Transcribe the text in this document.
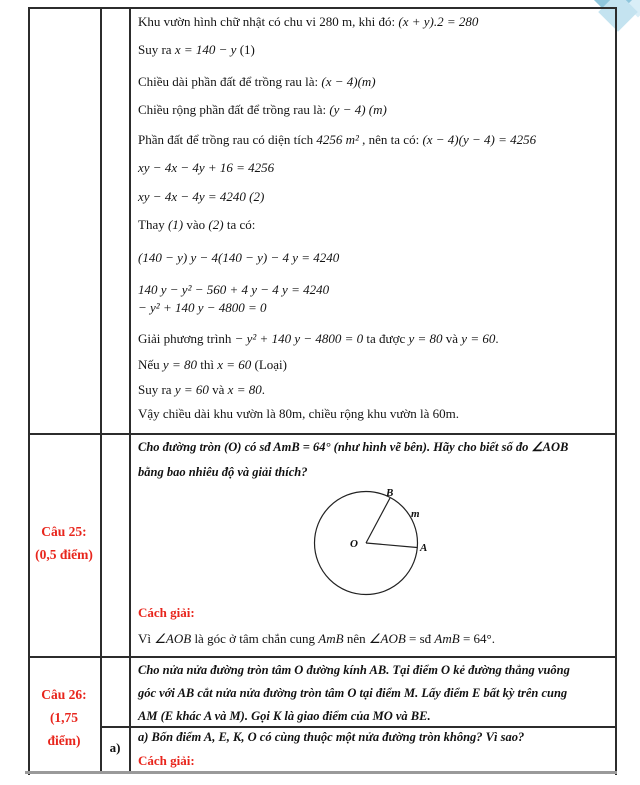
Khu vườn hình chữ nhật có chu vi 280 m, khi đó: (x + y).2 = 280
Suy ra x = 140 − y (1)
Chiều dài phần đất để trồng rau là: (x − 4)(m)
Chiều rộng phần đất để trồng rau là: (y − 4) (m)
Phần đất để trồng rau có diện tích 4256 m² , nên ta có: (x − 4)(y − 4) = 4256
xy − 4x − 4y + 16 = 4256
xy − 4x − 4y = 4240 (2)
Thay (1) vào (2) ta có:
(140 − y) y − 4(140 − y) − 4 y = 4240
140 y − y² − 560 + 4 y − 4 y = 4240
− y² + 140 y − 4800 = 0
Giải phương trình − y² + 140 y − 4800 = 0 ta được y = 80 và y = 60.
Nếu y = 80 thì x = 60 (Loại)
Suy ra y = 60 và x = 80.
Vậy chiều dài khu vườn là 80m, chiều rộng khu vườn là 60m.
Câu 25:
(0,5 điểm)
Cho đường tròn (O) có sđ AmB = 64° (như hình vẽ bên). Hãy cho biết số đo ∠AOB
bằng bao nhiêu độ và giải thích?
B
m
O	A
Cách giải:
Vì ∠AOB là góc ở tâm chắn cung AmB nên ∠AOB = sđ AmB = 64°.
Câu 26:
(1,75
điểm)
Cho nửa nửa đường tròn tâm O đường kính AB. Tại điểm O kẻ đường thẳng vuông
góc với AB cắt nửa nửa đường tròn tâm O tại điểm M. Lấy điểm E bất kỳ trên cung
AM (E khác A và M). Gọi K là giao điểm của MO và BE.
a)
a) Bốn điểm A, E, K, O có cùng thuộc một nửa đường tròn không? Vì sao?
Cách giải:
